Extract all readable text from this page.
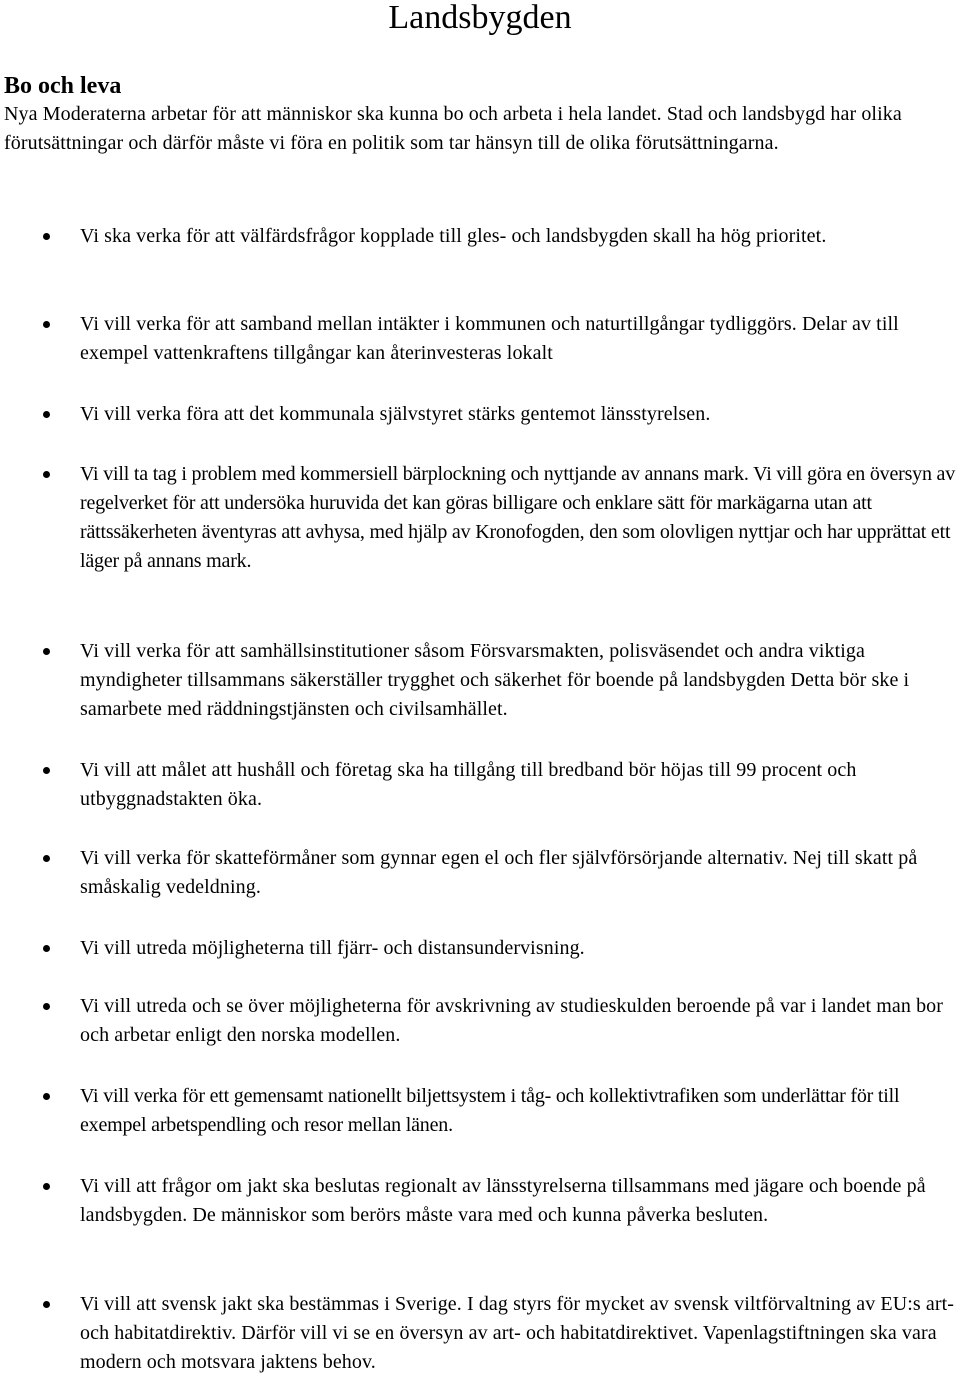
Landsbygden
Bo och leva

Nya Moderaterna arbetar för att människor ska kunna bo och arbeta i hela landet. Stad och landsbygd har olika förutsättningar och därför måste vi föra en politik som tar hänsyn till de olika förutsättningarna.

Vi ska verka för att välfärdsfrågor kopplade till gles- och landsbygden skall ha hög prioritet.

Vi vill verka för att samband mellan intäkter i kommunen och naturtillgångar tydliggörs. Delar av till exempel vattenkraftens tillgångar kan återinvesteras lokalt

Vi vill verka föra att det kommunala självstyret stärks gentemot länsstyrelsen.

Vi vill ta tag i problem med kommersiell bärplockning och nyttjande av annans mark. Vi vill göra en översyn av regelverket för att undersöka huruvida det kan göras billigare och enklare sätt för markägarna utan att rättssäkerheten äventyras att avhysa, med hjälp av Kronofogden, den som olovligen nyttjar och har upprättat ett läger på annans mark.

Vi vill verka för att samhällsinstitutioner såsom Försvarsmakten, polisväsendet och andra viktiga myndigheter tillsammans säkerställer trygghet och säkerhet för boende på landsbygden Detta bör ske i samarbete med räddningstjänsten och civilsamhället.

Vi vill att målet att hushåll och företag ska ha tillgång till bredband bör höjas till 99 procent och utbyggnadstakten öka.

Vi vill verka för skatteförmåner som gynnar egen el och fler självförsörjande alternativ. Nej till skatt på småskalig vedeldning.

Vi vill utreda möjligheterna till fjärr- och distansundervisning.

Vi vill utreda och se över möjligheterna för avskrivning av studieskulden beroende på var i landet man bor och arbetar enligt den norska modellen.

Vi vill verka för ett gemensamt nationellt biljettsystem i tåg- och kollektivtrafiken som underlättar för till exempel arbetspendling och resor mellan länen.

Vi vill att frågor om jakt ska beslutas regionalt av länsstyrelserna tillsammans med jägare och boende på landsbygden. De människor som berörs måste vara med och kunna påverka besluten.

Vi vill att svensk jakt ska bestämmas i Sverige. I dag styrs för mycket av svensk viltförvaltning av EU:s art- och habitatdirektiv. Därför vill vi se en översyn av art- och habitatdirektivet. Vapenlagstiftningen ska vara modern och motsvara jaktens behov.
